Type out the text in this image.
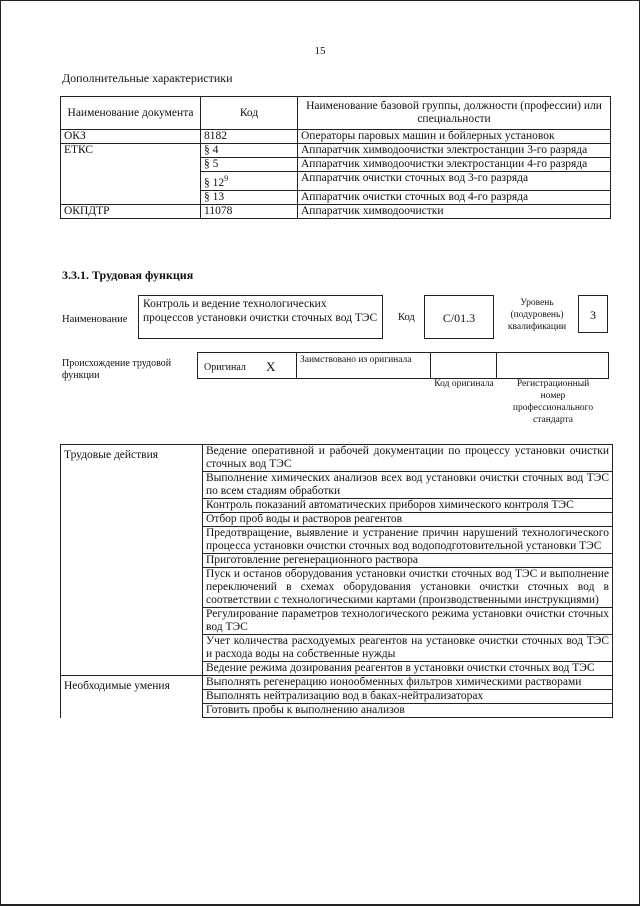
15
Дополнительные характеристики
Наименование документа	Код	Наименование базовой группы, должности (профессии) или специальности
ОКЗ	8182	Операторы паровых машин и бойлерных установок
ЕТКС	§ 4	Аппаратчик химводоочистки электростанции 3-го разряда
	§ 5	Аппаратчик химводоочистки электростанции 4-го разряда
	§ $12^9$	Аппаратчик очистки сточных вод 3-го разряда
	§ 13	Аппаратчик очистки сточных вод 4-го разряда
ОКПДТР	11078	Аппаратчик химводоочистки
3.3.1. Трудовая функция
Наименование
Контроль и ведение технологических процессов установки очистки сточных вод ТЭС	Код	C/01.3
Уровень (подуровень) квалификации
3
Происхождение трудовой функции
Оригинал X	Заимствовано из оригинала
Код оригинала	Регистрационный номер профессионального стандарта
Трудовые действия	Ведение оперативной и рабочей документации по процессу установки очистки сточных вод ТЭС
	Выполнение химических анализов всех вод установки очистки сточных вод ТЭС по всем стадиям обработки
	Контроль показаний автоматических приборов химического контроля ТЭС
	Отбор проб воды и растворов реагентов
	Предотвращение, выявление и устранение причин нарушений технологического процесса установки очистки сточных вод водоподготовительной установки ТЭС
	Приготовление регенерационного раствора
	Пуск и останов оборудования установки очистки сточных вод ТЭС и выполнение переключений в схемах оборудования установки очистки сточных вод в соответствии с технологическими картами (производственными инструкциями)
	Регулирование параметров технологического режима установки очистки сточных вод ТЭС
	Учет количества расходуемых реагентов на установке очистки сточных вод ТЭС и расхода воды на собственные нужды
	Ведение режима дозирования реагентов в установки очистки сточных вод ТЭС
Необходимые умения	Выполнять регенерацию ионообменных фильтров химическими растворами
	Выполнять нейтрализацию вод в баках-нейтрализаторах
	Готовить пробы к выполнению анализов
